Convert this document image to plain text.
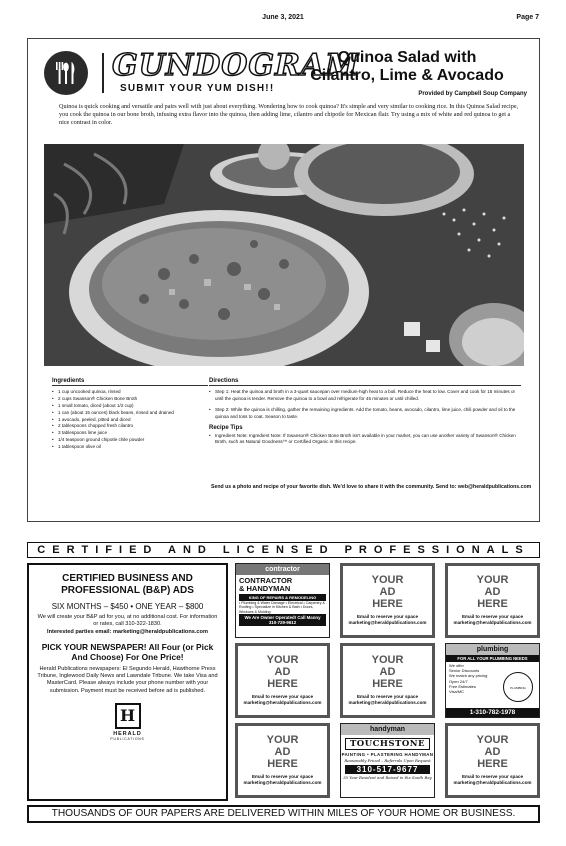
June 3, 2021	Page 7
GUNDOGRAM
SUBMIT YOUR YUM DISH!!
Quinoa Salad with
Cilantro, Lime & Avocado
Provided by Campbell Soup Company

Quinoa is quick cooking and versatile and pairs well with just about everything. Wondering how to cook quinoa? It's simple and very similar to cooking rice. In this Quinoa Salad recipe, you cook the quinoa in our bone broth, infusing extra flavor into the quinoa, then adding lime, cilantro and chipotle for Mexican flair. Try using a mix of white and red quinoa to get a nice contrast in color.

Ingredients
• 1 cup uncooked quinoa, rinsed
• 2 cups Swanson® Chicken Bone Broth
• 1 small tomato, diced (about 1/2 cup)
• 1 can (about 15 ounces) black beans, rinsed and drained
• 1 avocado, peeled, pitted and diced
• 2 tablespoons chopped fresh cilantro
• 3 tablespoons lime juice
• 1/4 teaspoon ground chipotle chile powder
• 1 tablespoon olive oil
Directions
• Step 1: Heat the quinoa and broth in a 3-quart saucepan over medium-high heat to a boil. Reduce the heat to low. Cover and cook for 15 minutes or until the quinoa is tender. Remove the quinoa to a bowl and refrigerate for 45 minutes or until chilled.
• Step 2: While the quinoa is chilling, gather the remaining ingredients. Add the tomato, beans, avocado, cilantro, lime juice, chili powder and oil to the quinoa and toss to coat. Season to taste.
Recipe Tips
• Ingredient Note: Ingredient Note: If Swanson® Chicken Bone Broth isn't available in your market, you can use another variety of Swanson® Chicken Broth, such as Natural Goodness™ or Certified Organic in this recipe.
Send us a photo and recipe of your favorite dish. We'd love to share it with the community. Send to: web@heraldpublications.com
CERTIFIED AND LICENSED PROFESSIONALS
CERTIFIED BUSINESS AND PROFESSIONAL (B&P) ADS
SIX MONTHS – $450 • ONE YEAR – $800
We will create your B&P ad for you, at no additional cost. For information or rates, call 310-322-1830.
Interested parties email: marketing@heraldpublications.com
PICK YOUR NEWSPAPER! All Four (or Pick And Choose) For One Price!
Herald Publications newspapers: El Segundo Herald, Hawthorne Press Tribune, Inglewood Daily News and Lawndale Tribune. We take Visa and MasterCard. Please always include your phone number with your submission. Payment must be received before ad is published.
H
HERALD
PUBLICATIONS
contractor
CONTRACTOR
& HANDYMAN
KING OF REPAIRS & REMODELING
• Plumbing & Water Damage • Electrical • Carpentry & Roofing • Specialize in Kitchen & Bath • Doors, Windows & Molding
We Are Owner Operated! Call Manny 310-729-9612
YOUR
AD
HERE
Email to reserve your space marketing@heraldpublications.com
YOUR
AD
HERE
Email to reserve your space marketing@heraldpublications.com
YOUR
AD
HERE
Email to reserve your space marketing@heraldpublications.com
YOUR
AD
HERE
Email to reserve your space marketing@heraldpublications.com
handyman
TOUCHSTONE
PAINTING • PLASTERING HANDYMAN
Reasonably Priced – Referrals Upon Request
310-517-9677
35 Year Resident and Raised in the South Bay
YOUR
AD
HERE
Email to reserve your space marketing@heraldpublications.com
plumbing
FOR ALL YOUR PLUMBING NEEDS
We offer
Senior Discounts
We match any pricing
Open 24/7
Free Estimates
Visa/MC
PLUMBING
1-310-782-1978
YOUR
AD
HERE
Email to reserve your space marketing@heraldpublications.com
THOUSANDS OF OUR PAPERS ARE DELIVERED WITHIN MILES OF YOUR HOME OR BUSINESS.
